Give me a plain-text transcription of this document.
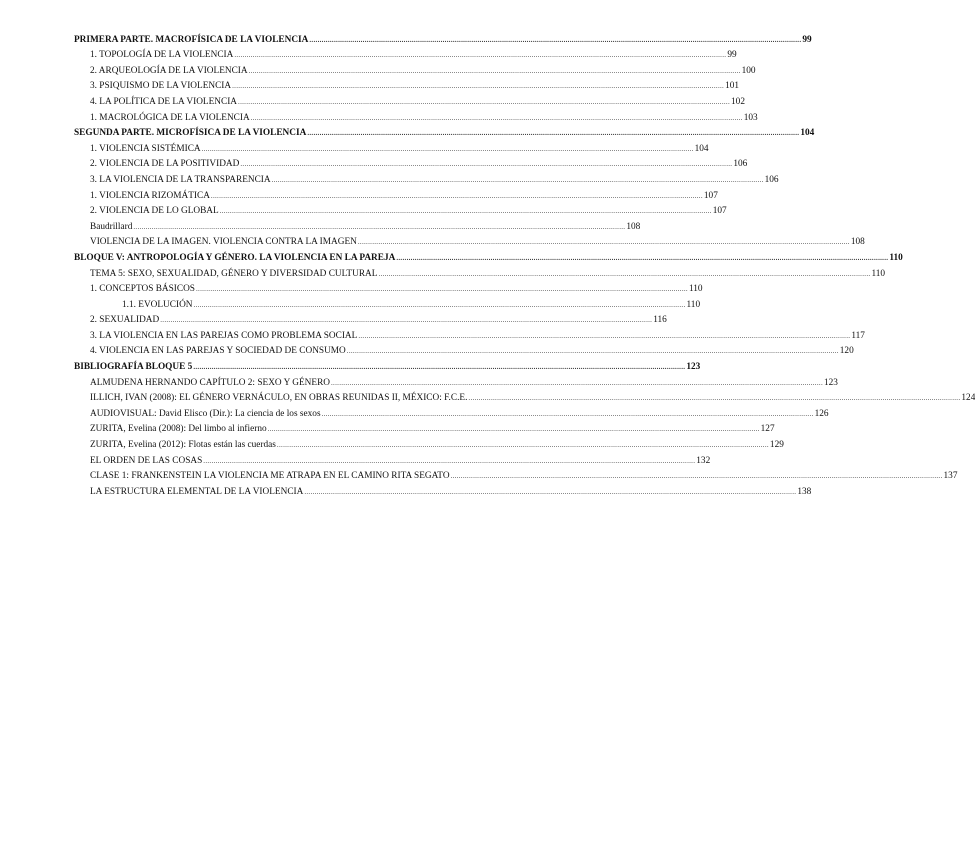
PRIMERA PARTE. MACROFÍSICA DE LA VIOLENCIA .....	99
1. TOPOLOGÍA DE LA VIOLENCIA .....	99
2. ARQUEOLOGÍA DE LA VIOLENCIA .....	100
3. PSIQUISMO DE LA VIOLENCIA .....	101
4. LA POLÍTICA DE LA VIOLENCIA .....	102
1. MACROLÓGICA DE LA VIOLENCIA .....	103
SEGUNDA PARTE. MICROFÍSICA DE LA VIOLENCIA .....	104
1. VIOLENCIA SISTÉMICA .....	104
2. VIOLENCIA DE LA POSITIVIDAD .....	106
3. LA VIOLENCIA DE LA TRANSPARENCIA .....	106
1. VIOLENCIA RIZOMÁTICA .....	107
2. VIOLENCIA DE LO GLOBAL .....	107
Baudrillard .....	108
VIOLENCIA DE LA IMAGEN. VIOLENCIA CONTRA LA IMAGEN .....	108
BLOQUE V: ANTROPOLOGÍA Y GÉNERO. LA VIOLENCIA EN LA PAREJA .....	110
TEMA 5: SEXO, SEXUALIDAD, GÉNERO Y DIVERSIDAD CULTURAL .....	110
1. CONCEPTOS BÁSICOS .....	110
1.1. EVOLUCIÓN .....	110
2. SEXUALIDAD .....	116
3. LA VIOLENCIA EN LAS PAREJAS COMO PROBLEMA SOCIAL .....	117
4. VIOLENCIA EN LAS PAREJAS Y SOCIEDAD DE CONSUMO .....	120
BIBLIOGRAFÍA BLOQUE 5 .....	123
ALMUDENA HERNANDO CAPÍTULO 2: SEXO Y GÉNERO .....	123
ILLICH, IVAN (2008): EL GÉNERO VERNÁCULO, EN OBRAS REUNIDAS II, MÉXICO: F.C.E. .....	124
AUDIOVISUAL: David Elisco (Dir.): La ciencia de los sexos .....	126
ZURITA, Evelina (2008): Del limbo al infierno .....	127
ZURITA, Evelina (2012): Flotas están las cuerdas .....	129
EL ORDEN DE LAS COSAS .....	132
CLASE 1: FRANKENSTEIN LA VIOLENCIA ME ATRAPA EN EL CAMINO RITA SEGATO .....	137
LA ESTRUCTURA ELEMENTAL DE LA VIOLENCIA .....	138
